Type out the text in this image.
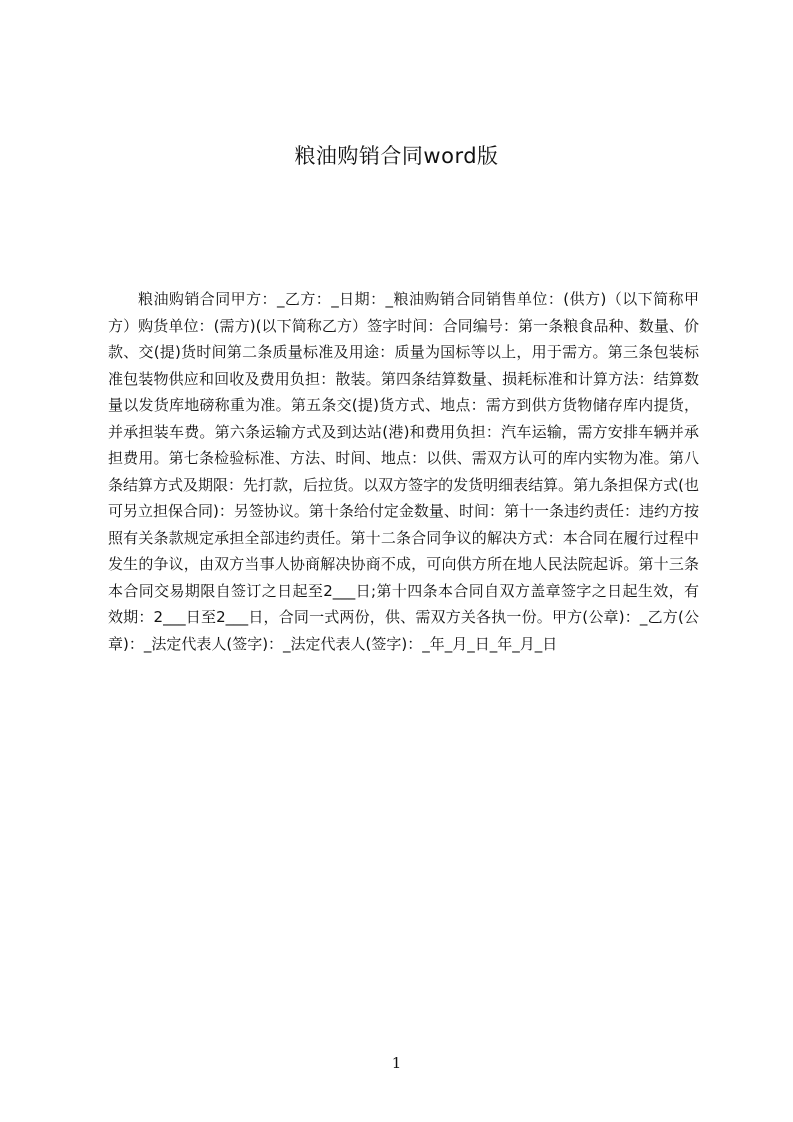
粮油购销合同word版

粮油购销合同甲方：_乙方：_日期：_粮油购销合同销售单位：(供方)（以下简称甲方）购货单位：(需方)(以下简称乙方）签字时间：合同编号：第一条粮食品种、数量、价款、交(提)货时间第二条质量标准及用途：质量为国标等以上，用于需方。第三条包装标准包装物供应和回收及费用负担：散装。第四条结算数量、损耗标准和计算方法：结算数量以发货库地磅称重为准。第五条交(提)货方式、地点：需方到供方货物储存库内提货，并承担装车费。第六条运输方式及到达站(港)和费用负担：汽车运输，需方安排车辆并承担费用。第七条检验标准、方法、时间、地点：以供、需双方认可的库内实物为准。第八条结算方式及期限：先打款，后拉货。以双方签字的发货明细表结算。第九条担保方式(也可另立担保合同)：另签协议。第十条给付定金数量、时间：第十一条违约责任：违约方按照有关条款规定承担全部违约责任。第十二条合同争议的解决方式：本合同在履行过程中发生的争议，由双方当事人协商解决协商不成，可向供方所在地人民法院起诉。第十三条本合同交易期限自签订之日起至2___日;第十四条本合同自双方盖章签字之日起生效，有效期：2___日至2___日，合同一式两份，供、需双方关各执一份。甲方(公章)：_乙方(公章)：_法定代表人(签字)：_法定代表人(签字)：_年_月_日_年_月_日

1
